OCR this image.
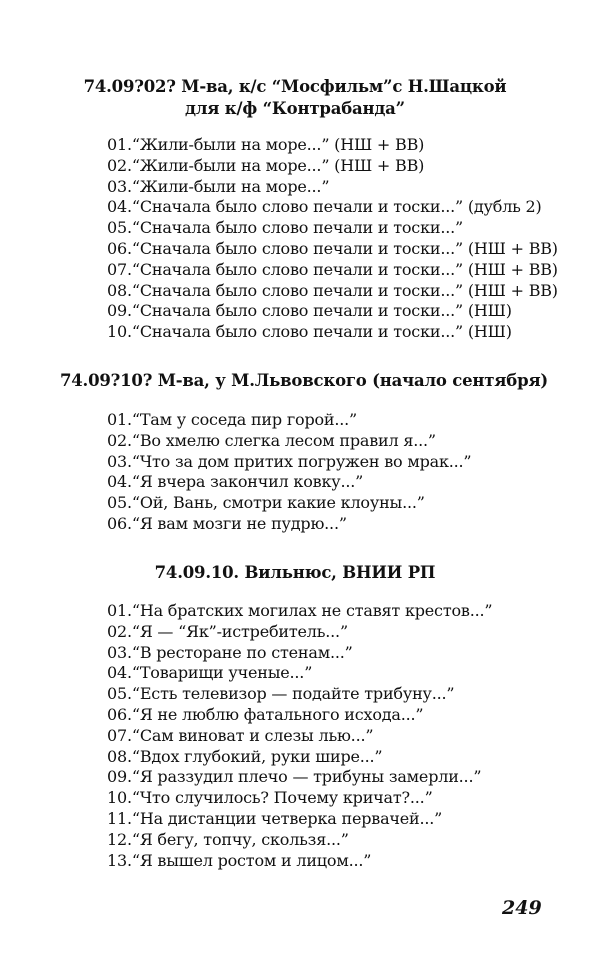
74.09?02? М-ва, к/с “Мосфильм”с Н.Шацкой
для к/ф “Контрабанда”
01.“Жили-были на море...” (НШ + ВВ)
02.“Жили-были на море...” (НШ + ВВ)
03.“Жили-были на море...”
04.“Сначала было слово печали и тоски...” (дубль 2)
05.“Сначала было слово печали и тоски...”
06.“Сначала было слово печали и тоски...” (НШ + ВВ)
07.“Сначала было слово печали и тоски...” (НШ + ВВ)
08.“Сначала было слово печали и тоски...” (НШ + ВВ)
09.“Сначала было слово печали и тоски...” (НШ)
10.“Сначала было слово печали и тоски...” (НШ)
74.09?10? М-ва, у М.Львовского (начало сентября)
01.“Там у соседа пир горой...”
02.“Во хмелю слегка лесом правил я...”
03.“Что за дом притих погружен во мрак...”
04.“Я вчера закончил ковку...”
05.“Ой, Вань, смотри какие клоуны...”
06.“Я вам мозги не пудрю...”
74.09.10. Вильнюс, ВНИИ РП
01.“На братских могилах не ставят крестов...”
02.“Я — “Як”-истребитель...”
03.“В ресторане по стенам...”
04.“Товарищи ученые...”
05.“Есть телевизор — подайте трибуну...”
06.“Я не люблю фатального исхода...”
07.“Сам виноват и слезы лью...”
08.“Вдох глубокий, руки шире...”
09.“Я раззудил плечо — трибуны замерли...”
10.“Что случилось? Почему кричат?...”
11.“На дистанции четверка первачей...”
12.“Я бегу, топчу, скользя...”
13.“Я вышел ростом и лицом...”
249
